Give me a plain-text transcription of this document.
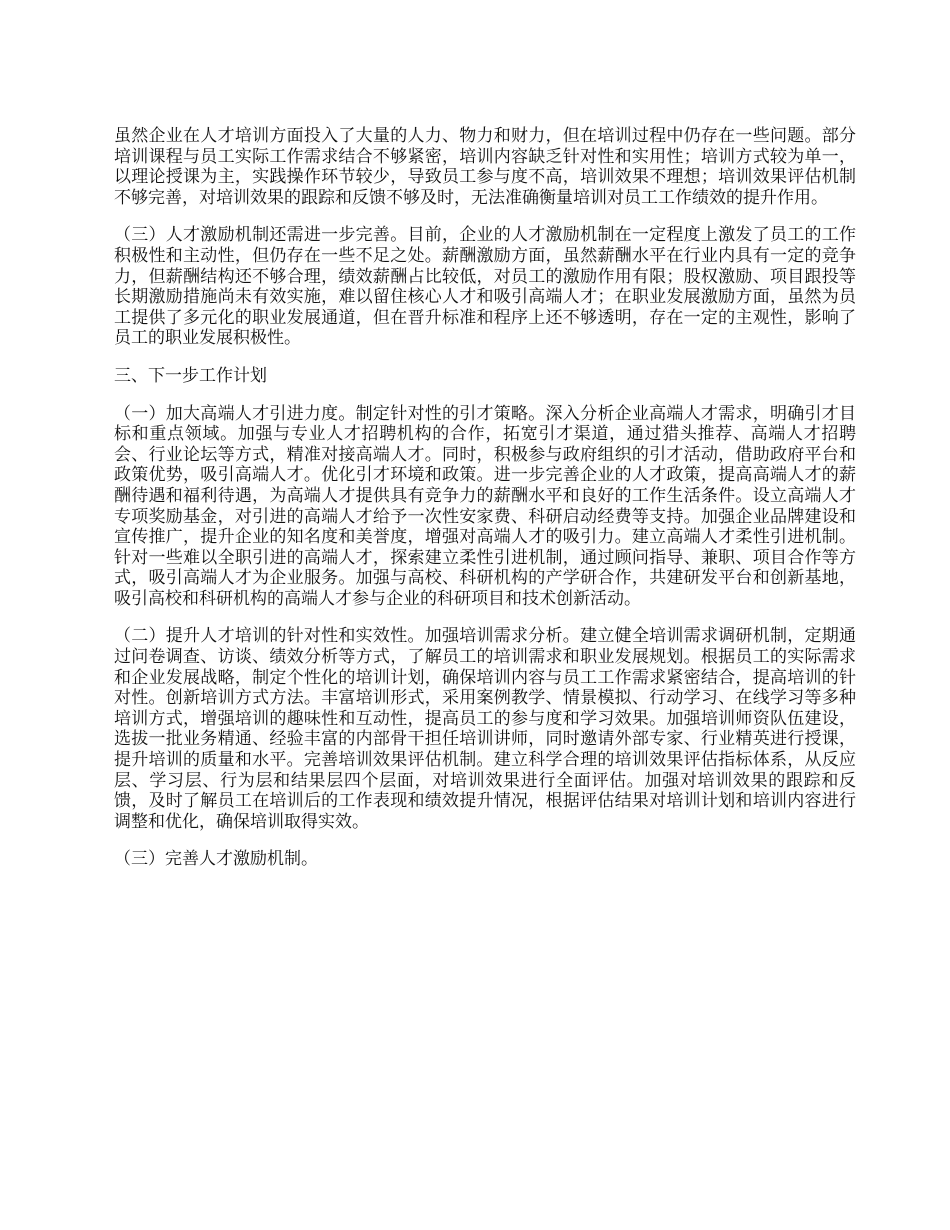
虽然企业在人才培训方面投入了大量的人力、物力和财力，但在培训过程中仍存在一些问题。部分培训课程与员工实际工作需求结合不够紧密，培训内容缺乏针对性和实用性；培训方式较为单一，以理论授课为主，实践操作环节较少，导致员工参与度不高，培训效果不理想；培训效果评估机制不够完善，对培训效果的跟踪和反馈不够及时，无法准确衡量培训对员工工作绩效的提升作用。

（三）人才激励机制还需进一步完善。目前，企业的人才激励机制在一定程度上激发了员工的工作积极性和主动性，但仍存在一些不足之处。薪酬激励方面，虽然薪酬水平在行业内具有一定的竞争力，但薪酬结构还不够合理，绩效薪酬占比较低，对员工的激励作用有限；股权激励、项目跟投等长期激励措施尚未有效实施，难以留住核心人才和吸引高端人才；在职业发展激励方面，虽然为员工提供了多元化的职业发展通道，但在晋升标准和程序上还不够透明，存在一定的主观性，影响了员工的职业发展积极性。

三、下一步工作计划

（一）加大高端人才引进力度。制定针对性的引才策略。深入分析企业高端人才需求，明确引才目标和重点领域。加强与专业人才招聘机构的合作，拓宽引才渠道，通过猎头推荐、高端人才招聘会、行业论坛等方式，精准对接高端人才。同时，积极参与政府组织的引才活动，借助政府平台和政策优势，吸引高端人才。优化引才环境和政策。进一步完善企业的人才政策，提高高端人才的薪酬待遇和福利待遇，为高端人才提供具有竞争力的薪酬水平和良好的工作生活条件。设立高端人才专项奖励基金，对引进的高端人才给予一次性安家费、科研启动经费等支持。加强企业品牌建设和宣传推广，提升企业的知名度和美誉度，增强对高端人才的吸引力。建立高端人才柔性引进机制。针对一些难以全职引进的高端人才，探索建立柔性引进机制，通过顾问指导、兼职、项目合作等方式，吸引高端人才为企业服务。加强与高校、科研机构的产学研合作，共建研发平台和创新基地，吸引高校和科研机构的高端人才参与企业的科研项目和技术创新活动。

（二）提升人才培训的针对性和实效性。加强培训需求分析。建立健全培训需求调研机制，定期通过问卷调查、访谈、绩效分析等方式，了解员工的培训需求和职业发展规划。根据员工的实际需求和企业发展战略，制定个性化的培训计划，确保培训内容与员工工作需求紧密结合，提高培训的针对性。创新培训方式方法。丰富培训形式，采用案例教学、情景模拟、行动学习、在线学习等多种培训方式，增强培训的趣味性和互动性，提高员工的参与度和学习效果。加强培训师资队伍建设，选拔一批业务精通、经验丰富的内部骨干担任培训讲师，同时邀请外部专家、行业精英进行授课，提升培训的质量和水平。完善培训效果评估机制。建立科学合理的培训效果评估指标体系，从反应层、学习层、行为层和结果层四个层面，对培训效果进行全面评估。加强对培训效果的跟踪和反馈，及时了解员工在培训后的工作表现和绩效提升情况，根据评估结果对培训计划和培训内容进行调整和优化，确保培训取得实效。

（三）完善人才激励机制。
